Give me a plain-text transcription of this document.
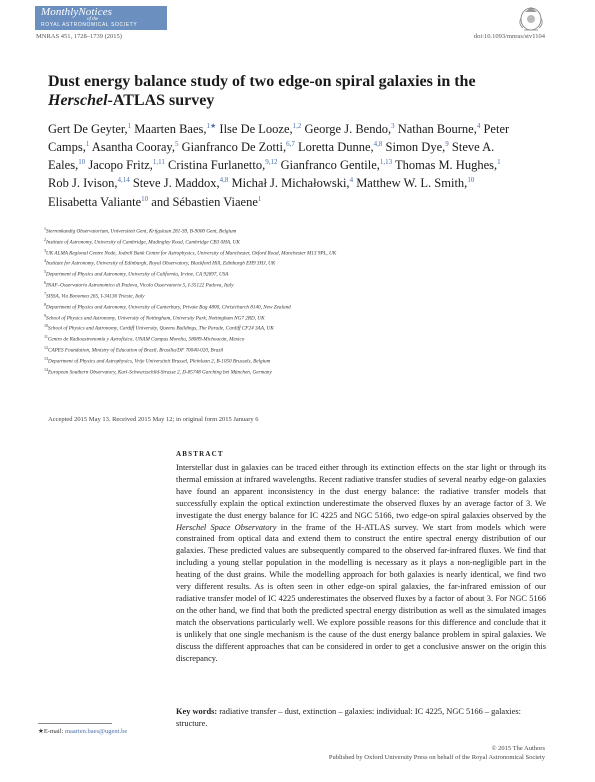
MonthlyNotices
of the
ROYAL ASTRONOMICAL SOCIETY
MNRAS 451, 1728–1739 (2015)	doi:10.1093/mnras/stv1104
Dust energy balance study of two edge-on spiral galaxies in the
Herschel-ATLAS survey
Gert De Geyter,$^1$ Maarten Baes,$^{1★}$ Ilse De Looze,$^{1,2}$ George J. Bendo,$^3$ Nathan Bourne,$^4$ Peter Camps,$^1$ Asantha Cooray,$^5$ Gianfranco De Zotti,$^{6,7}$ Loretta Dunne,$^{4,8}$ Simon Dye,$^9$ Steve A. Eales,$^{10}$ Jacopo Fritz,$^{1,11}$ Cristina Furlanetto,$^{9,12}$ Gianfranco Gentile,$^{1,13}$ Thomas M. Hughes,$^1$ Rob J. Ivison,$^{4,14}$ Steve J. Maddox,$^{4,8}$ Michał J. Michałowski,$^4$ Matthew W. L. Smith,$^{10}$ Elisabetta Valiante$^{10}$ and Sébastien Viaene$^1$
$^1$Sterrenkundig Observatorium, Universiteit Gent, Krijgslaan 281-S9, B-9000 Gent, Belgium
$^2$Institute of Astronomy, University of Cambridge, Madingley Road, Cambridge CB3 0HA, UK
$^3$UK ALMA Regional Centre Node, Jodrell Bank Centre for Astrophysics, University of Manchester, Oxford Road, Manchester M13 9PL, UK
$^4$Institute for Astronomy, University of Edinburgh, Royal Observatory, Blackford Hill, Edinburgh EH9 3HJ, UK
$^5$Department of Physics and Astronomy, University of California, Irvine, CA 92697, USA
$^6$INAF–Osservatorio Astronomico di Padova, Vicolo Osservatorio 5, I-35122 Padova, Italy
$^7$SISSA, Via Bonomea 265, I-34136 Trieste, Italy
$^8$Department of Physics and Astronomy, University of Canterbury, Private Bag 4800, Christchurch 8140, New Zealand
$^9$School of Physics and Astronomy, University of Nottingham, University Park, Nottingham NG7 2RD, UK
$^{10}$School of Physics and Astronomy, Cardiff University, Queens Buildings, The Parade, Cardiff CF24 3AA, UK
$^{11}$Centro de Radioastronomía y Astrofísica, UNAM Campus Morelia, 58089-Michoacán, Mexico
$^{12}$CAPES Foundation, Ministry of Education of Brazil, Brasília/DF 70040-020, Brazil
$^{13}$Department of Physics and Astrophysics, Vrije Universiteit Brussel, Pleinlaan 2, B-1050 Brussels, Belgium
$^{14}$European Southern Observatory, Karl-Schwarzschild-Strasse 2, D-85748 Garching bei München, Germany
Accepted 2015 May 13. Received 2015 May 12; in original form 2015 January 6
ABSTRACT
Interstellar dust in galaxies can be traced either through its extinction effects on the star light or through its thermal emission at infrared wavelengths. Recent radiative transfer studies of several nearby edge-on galaxies have found an apparent inconsistency in the dust energy balance: the radiative transfer models that successfully explain the optical extinction underestimate the observed fluxes by an average factor of 3. We investigate the dust energy balance for IC 4225 and NGC 5166, two edge-on spiral galaxies observed by the Herschel Space Observatory in the frame of the H-ATLAS survey. We start from models which were constrained from optical data and extend them to construct the entire spectral energy distribution of our galaxies. These predicted values are subsequently compared to the observed far-infrared fluxes. We find that including a young stellar population in the modelling is necessary as it plays a non-negligible part in the heating of the dust grains. While the modelling approach for both galaxies is nearly identical, we find two very different results. As is often seen in other edge-on spiral galaxies, the far-infrared emission of our radiative transfer model of IC 4225 underestimates the observed fluxes by a factor of about 3. For NGC 5166 on the other hand, we find that both the predicted spectral energy distribution as well as the simulated images match the observations particularly well. We explore possible reasons for this difference and conclude that it is unlikely that one single mechanism is the cause of the dust energy balance problem in spiral galaxies. We discuss the different approaches that can be considered in order to get a conclusive answer on the origin this discrepancy.
Key words: radiative transfer – dust, extinction – galaxies: individual: IC 4225, NGC 5166 – galaxies: structure.
★E-mail: maarten.baes@ugent.be
© 2015 The Authors
Published by Oxford University Press on behalf of the Royal Astronomical Society
